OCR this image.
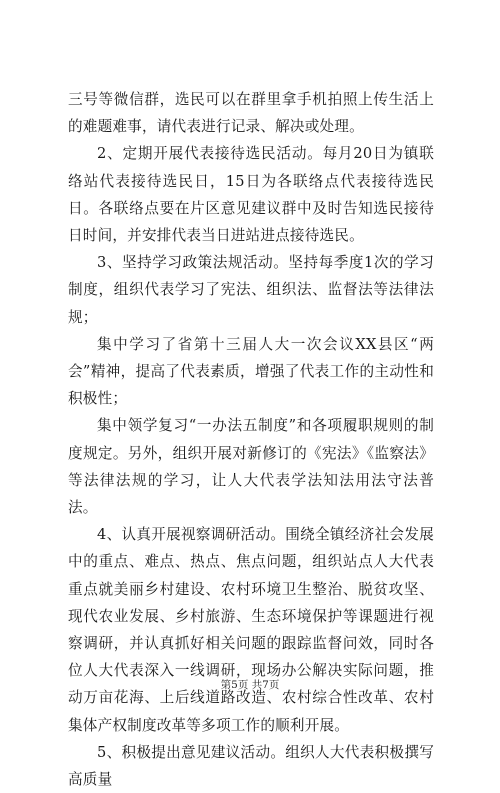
三号等微信群，选民可以在群里拿手机拍照上传生活上的难题难事，请代表进行记录、解决或处理。

2、定期开展代表接待选民活动。每月20日为镇联络站代表接待选民日，15日为各联络点代表接待选民日。各联络点要在片区意见建议群中及时告知选民接待日时间，并安排代表当日进站进点接待选民。

3、坚持学习政策法规活动。坚持每季度1次的学习制度，组织代表学习了宪法、组织法、监督法等法律法规；

集中学习了省第十三届人大一次会议XX县区“两会”精神，提高了代表素质，增强了代表工作的主动性和积极性；

集中领学复习“一办法五制度”和各项履职规则的制度规定。另外，组织开展对新修订的《宪法》《监察法》等法律法规的学习，让人大代表学法知法用法守法普法。

4、认真开展视察调研活动。围绕全镇经济社会发展中的重点、难点、热点、焦点问题，组织站点人大代表重点就美丽乡村建设、农村环境卫生整治、脱贫攻坚、现代农业发展、乡村旅游、生态环境保护等课题进行视察调研，并认真抓好相关问题的跟踪监督问效，同时各位人大代表深入一线调研，现场办公解决实际问题，推动万亩花海、上后线道路改造、农村综合性改革、农村集体产权制度改革等多项工作的顺利开展。

5、积极提出意见建议活动。组织人大代表积极撰写高质量

第5页 共7页
